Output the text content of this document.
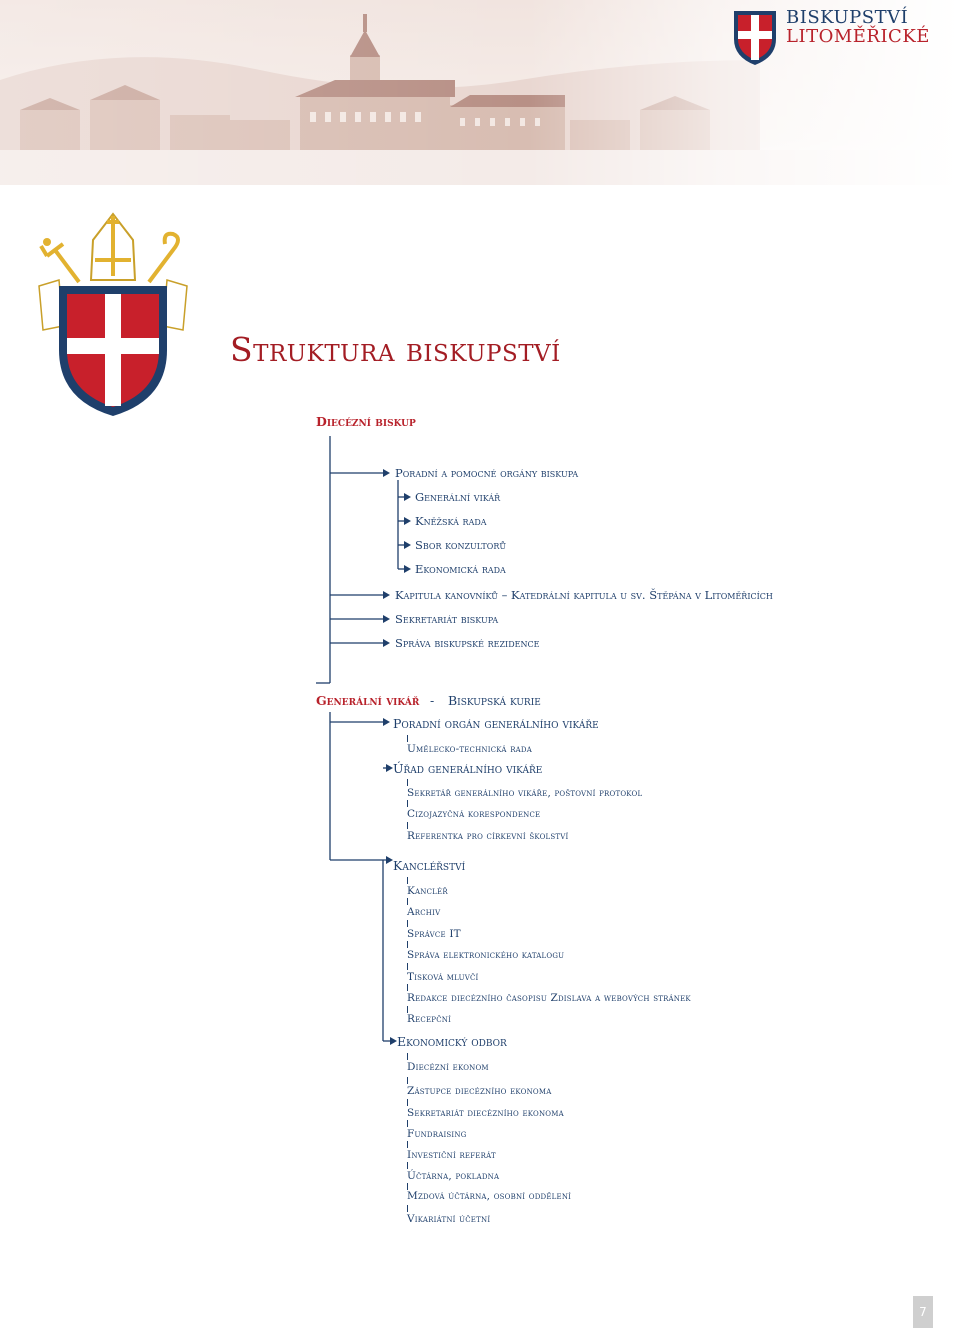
BISKUPSTVÍ
LITOMĚŘICKÉ
Struktura biskupství
Diecézní biskup
Poradní a pomocné orgány biskupa
Generální vikář
Kněžská rada
Sbor konzultorů
Ekonomická rada
Kapitula kanovníků – Katedrální kapitula u sv. Štěpána v Litoměřicích
Sekretariát biskupa
Správa biskupské rezidence
Generální vikář - Biskupská kurie
Poradní orgán generálního vikáře
Umělecko-technická rada
Úřad generálního vikáře
Sekretář generálního vikáře, poštovní protokol
Cizojazyčná korespondence
Referentka pro církevní školství
Kancléřství
Kancléř
Archiv
Správce IT
Správa elektronického katalogu
Tisková mluvčí
Redakce diecézního časopisu Zdislava a webových stránek
Recepční
Ekonomický odbor
Diecézní ekonom
Zástupce diecézního ekonoma
Sekretariát diecézního ekonoma
Fundraising
Investiční referát
Účtárna, pokladna
Mzdová účtárna, osobní oddělení
Vikariátní účetní
7
